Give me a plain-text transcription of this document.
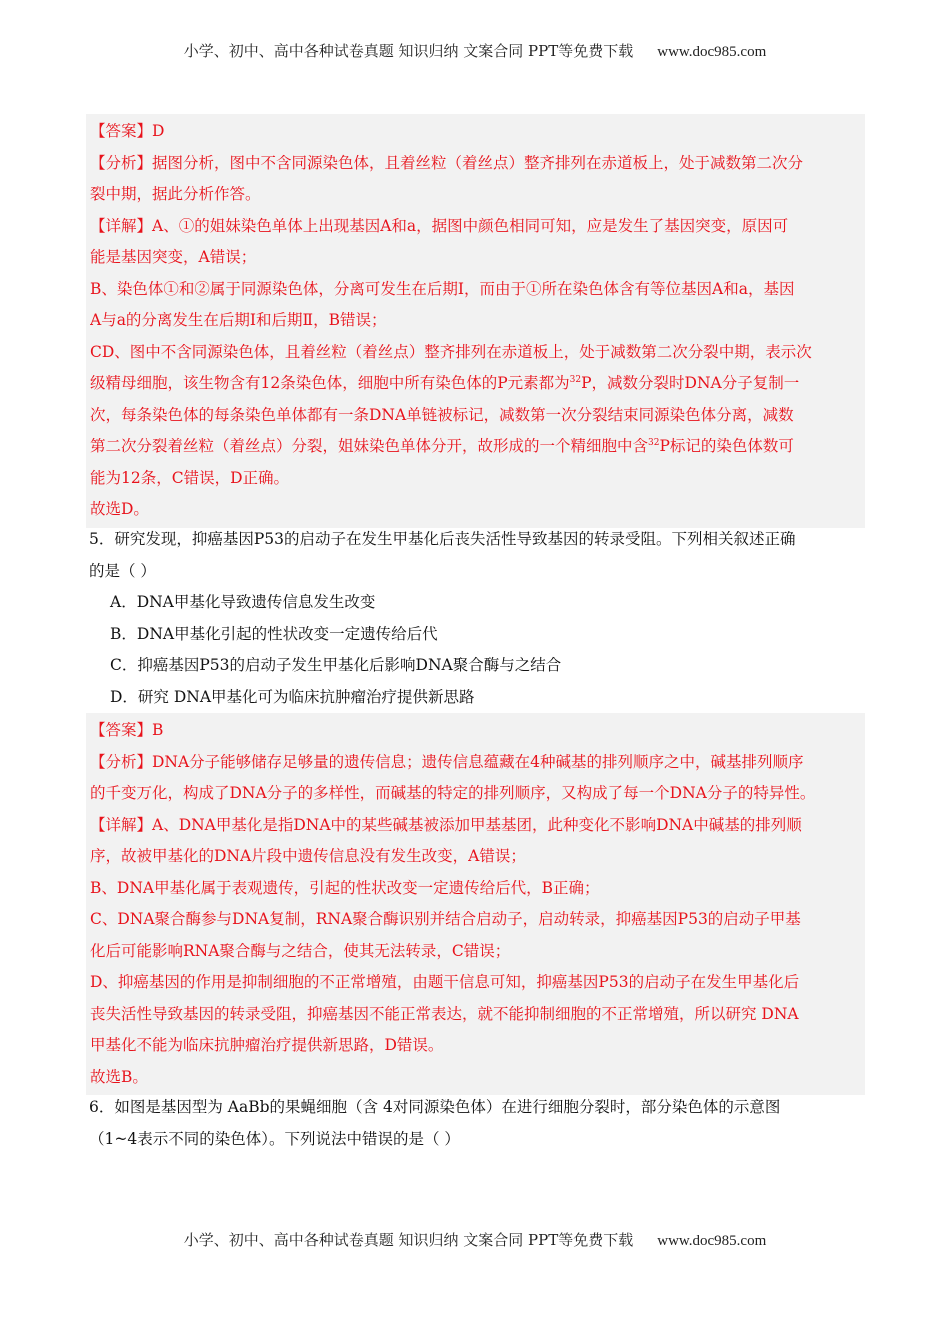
小学、初中、高中各种试卷真题 知识归纳 文案合同 PPT等免费下载 www.doc985.com
【答案】D
【分析】据图分析，图中不含同源染色体，且着丝粒（着丝点）整齐排列在赤道板上，处于减数第二次分
裂中期，据此分析作答。
【详解】A、①的姐妹染色单体上出现基因A和a，据图中颜色相同可知，应是发生了基因突变，原因可
能是基因突变，A错误；
B、染色体①和②属于同源染色体，分离可发生在后期Ⅰ，而由于①所在染色体含有等位基因A和a，基因
A与a的分离发生在后期Ⅰ和后期Ⅱ，B错误；
CD、图中不含同源染色体，且着丝粒（着丝点）整齐排列在赤道板上，处于减数第二次分裂中期，表示次
级精母细胞，该生物含有12条染色体，细胞中所有染色体的P元素都为$^{32}$P，减数分裂时DNA分子复制一
次，每条染色体的每条染色单体都有一条DNA单链被标记，减数第一次分裂结束同源染色体分离，减数
第二次分裂着丝粒（着丝点）分裂，姐妹染色单体分开，故形成的一个精细胞中含$^{32}$P标记的染色体数可
能为12条，C错误，D正确。
故选D。
5．研究发现，抑癌基因P53的启动子在发生甲基化后丧失活性导致基因的转录受阻。下列相关叙述正确
的是（ ）
A．DNA甲基化导致遗传信息发生改变
B．DNA甲基化引起的性状改变一定遗传给后代
C．抑癌基因P53的启动子发生甲基化后影响DNA聚合酶与之结合
D．研究 DNA甲基化可为临床抗肿瘤治疗提供新思路
【答案】B
【分析】DNA分子能够储存足够量的遗传信息；遗传信息蕴藏在4种碱基的排列顺序之中，碱基排列顺序
的千变万化，构成了DNA分子的多样性，而碱基的特定的排列顺序，又构成了每一个DNA分子的特异性。
【详解】A、DNA甲基化是指DNA中的某些碱基被添加甲基基团，此种变化不影响DNA中碱基的排列顺
序，故被甲基化的DNA片段中遗传信息没有发生改变，A错误；
B、DNA甲基化属于表观遗传，引起的性状改变一定遗传给后代，B正确；
C、DNA聚合酶参与DNA复制，RNA聚合酶识别并结合启动子，启动转录，抑癌基因P53的启动子甲基
化后可能影响RNA聚合酶与之结合，使其无法转录，C错误；
D、抑癌基因的作用是抑制细胞的不正常增殖，由题干信息可知，抑癌基因P53的启动子在发生甲基化后
丧失活性导致基因的转录受阻，抑癌基因不能正常表达，就不能抑制细胞的不正常增殖，所以研究 DNA
甲基化不能为临床抗肿瘤治疗提供新思路，D错误。
故选B。
6．如图是基因型为 AaBb的果蝇细胞（含 4对同源染色体）在进行细胞分裂时，部分染色体的示意图
（1~4表示不同的染色体）。下列说法中错误的是（ ）
小学、初中、高中各种试卷真题 知识归纳 文案合同 PPT等免费下载 www.doc985.com
